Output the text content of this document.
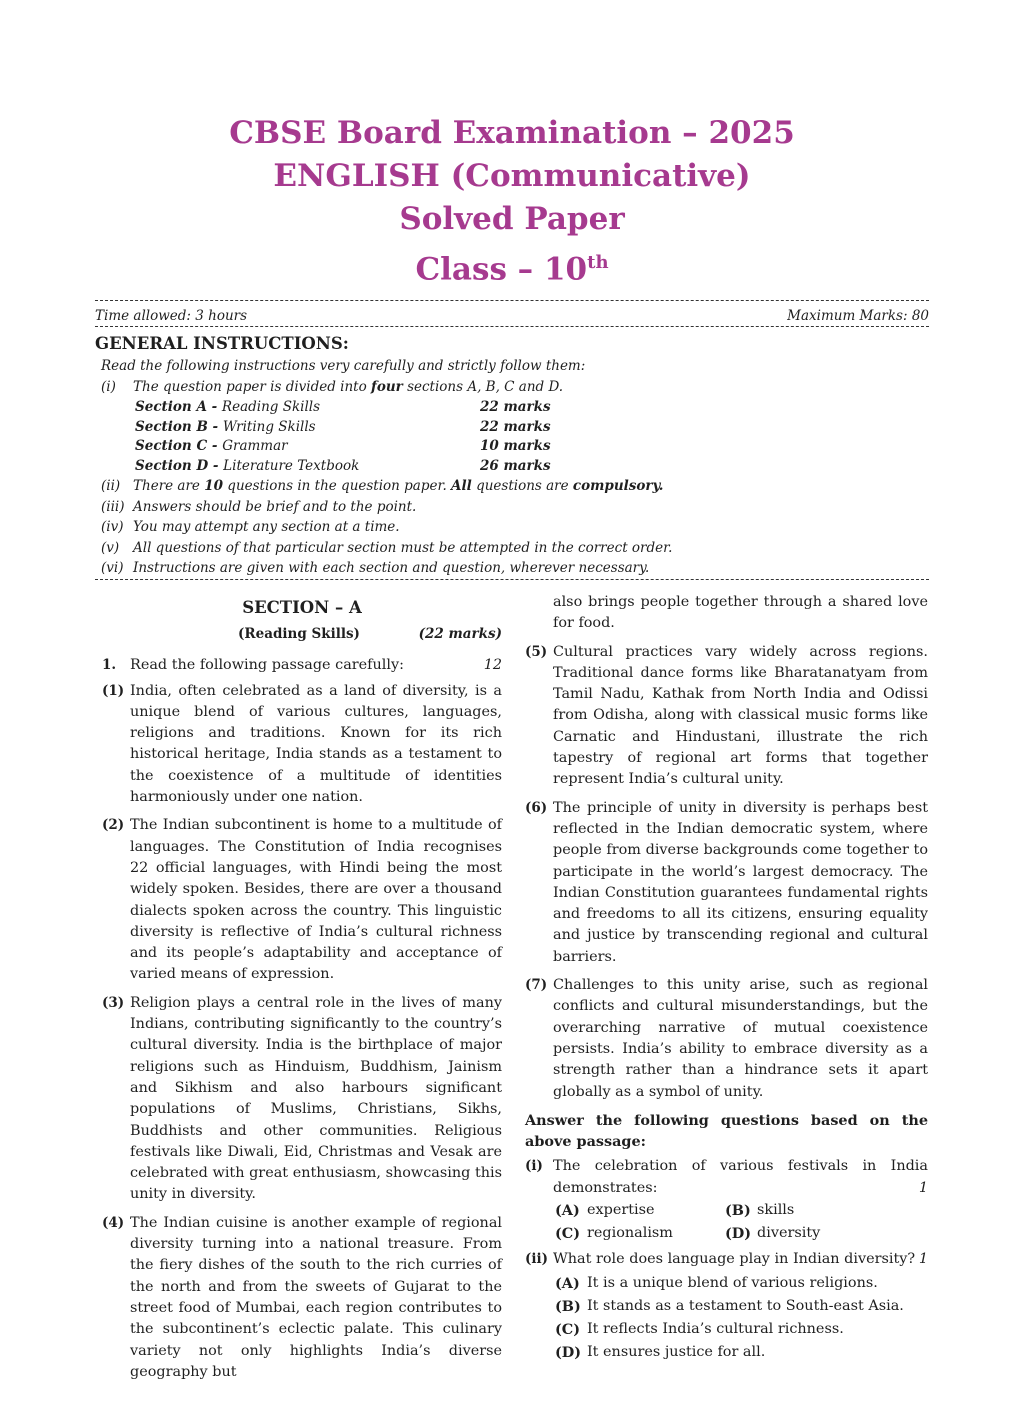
CBSE Board Examination – 2025
ENGLISH (Communicative)
Solved Paper
Class – 10th
Time allowed: 3 hours	Maximum Marks: 80
GENERAL INSTRUCTIONS:
Read the following instructions very carefully and strictly follow them:
(i)	The question paper is divided into four sections A, B, C and D.
Section A - Reading Skills	22 marks
Section B - Writing Skills	22 marks
Section C - Grammar	10 marks
Section D - Literature Textbook	26 marks
(ii) There are 10 questions in the question paper. All questions are compulsory.
(iii) Answers should be brief and to the point.
(iv) You may attempt any section at a time.
(v)	All questions of that particular section must be attempted in the correct order.
(vi) Instructions are given with each section and question, wherever necessary.
SECTION – A
(Reading Skills)	(22 marks)
1. Read the following passage carefully:	12
(1) India, often celebrated as a land of diversity, is a unique blend of various cultures, languages, religions and traditions. Known for its rich historical heritage, India stands as a testament to the coexistence of a multitude of identities harmoniously under one nation.
(2) The Indian subcontinent is home to a multitude of languages. The Constitution of India recognises 22 official languages, with Hindi being the most widely spoken. Besides, there are over a thousand dialects spoken across the country. This linguistic diversity is reflective of India’s cultural richness and its people’s adaptability and acceptance of varied means of expression.
(3) Religion plays a central role in the lives of many Indians, contributing significantly to the country’s cultural diversity. India is the birthplace of major religions such as Hinduism, Buddhism, Jainism and Sikhism and also harbours significant populations of Muslims, Christians, Sikhs, Buddhists and other communities. Religious festivals like Diwali, Eid, Christmas and Vesak are celebrated with great enthusiasm, showcasing this unity in diversity.
(4) The Indian cuisine is another example of regional diversity turning into a national treasure. From the fiery dishes of the south to the rich curries of the north and from the sweets of Gujarat to the street food of Mumbai, each region contributes to the subcontinent’s eclectic palate. This culinary variety not only highlights India’s diverse geography but
also brings people together through a shared love for food.
(5) Cultural practices vary widely across regions. Traditional dance forms like Bharatanatyam from Tamil Nadu, Kathak from North India and Odissi from Odisha, along with classical music forms like Carnatic and Hindustani, illustrate the rich tapestry of regional art forms that together represent India’s cultural unity.
(6) The principle of unity in diversity is perhaps best reflected in the Indian democratic system, where people from diverse backgrounds come together to participate in the world’s largest democracy. The Indian Constitution guarantees fundamental rights and freedoms to all its citizens, ensuring equality and justice by transcending regional and cultural barriers.
(7) Challenges to this unity arise, such as regional conflicts and cultural misunderstandings, but the overarching narrative of mutual coexistence persists. India’s ability to embrace diversity as a strength rather than a hindrance sets it apart globally as a symbol of unity.
Answer the following questions based on the above passage:
(i) The celebration of various festivals in India demonstrates:	1
(A) expertise	(B) skills
(C) regionalism	(D) diversity
(ii) What role does language play in Indian diversity? 1
(A) It is a unique blend of various religions.
(B) It stands as a testament to South-east Asia.
(C) It reflects India’s cultural richness.
(D) It ensures justice for all.
